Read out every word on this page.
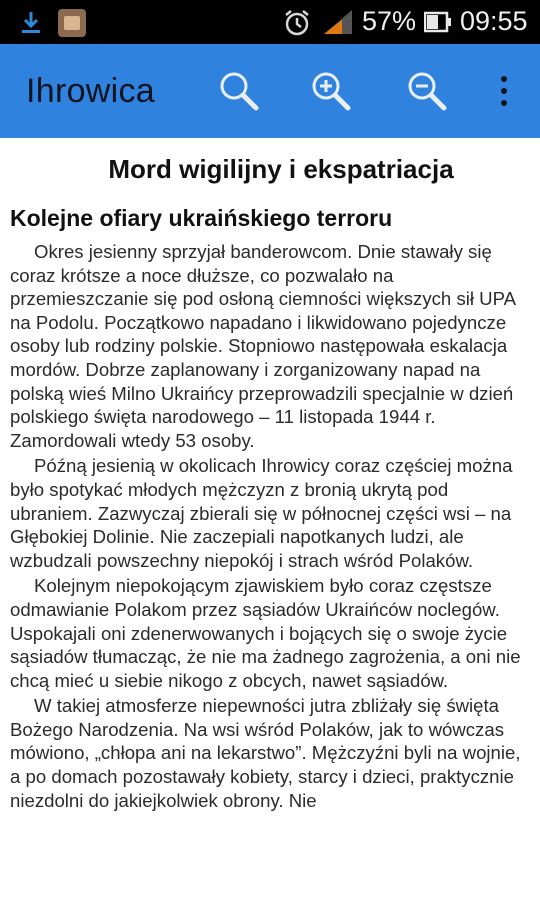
57% 09:55
Ihrowica
Mord wigilijny i ekspatriacja
Kolejne ofiary ukraińskiego terroru

Okres jesienny sprzyjał banderowcom. Dnie stawały się coraz krótsze a noce dłuższe, co pozwalało na przemieszczanie się pod osłoną ciemności większych sił UPA na Podolu. Początkowo napadano i likwidowano pojedyncze osoby lub rodziny polskie. Stopniowo następowała eskalacja mordów. Dobrze zaplanowany i zorganizowany napad na polską wieś Milno Ukraińcy przeprowadzili specjalnie w dzień polskiego święta narodowego – 11 listopada 1944 r. Zamordowali wtedy 53 osoby.

Późną jesienią w okolicach Ihrowicy coraz częściej można było spotykać młodych mężczyzn z bronią ukrytą pod ubraniem. Zazwyczaj zbierali się w północnej części wsi – na Głębokiej Dolinie. Nie zaczepiali napotkanych ludzi, ale wzbudzali powszechny niepokój i strach wśród Polaków.

Kolejnym niepokojącym zjawiskiem było coraz częstsze odmawianie Polakom przez sąsiadów Ukraińców noclegów. Uspokajali oni zdenerwowanych i bojących się o swoje życie sąsiadów tłumacząc, że nie ma żadnego zagrożenia, a oni nie chcą mieć u siebie nikogo z obcych, nawet sąsiadów.

W takiej atmosferze niepewności jutra zbliżały się święta Bożego Narodzenia. Na wsi wśród Polaków, jak to wówczas mówiono, „chłopa ani na lekarstwo”. Mężczyźni byli na wojnie, a po domach pozostawały kobiety, starcy i dzieci, praktycznie niezdolni do jakiejkolwiek obrony. Nie
